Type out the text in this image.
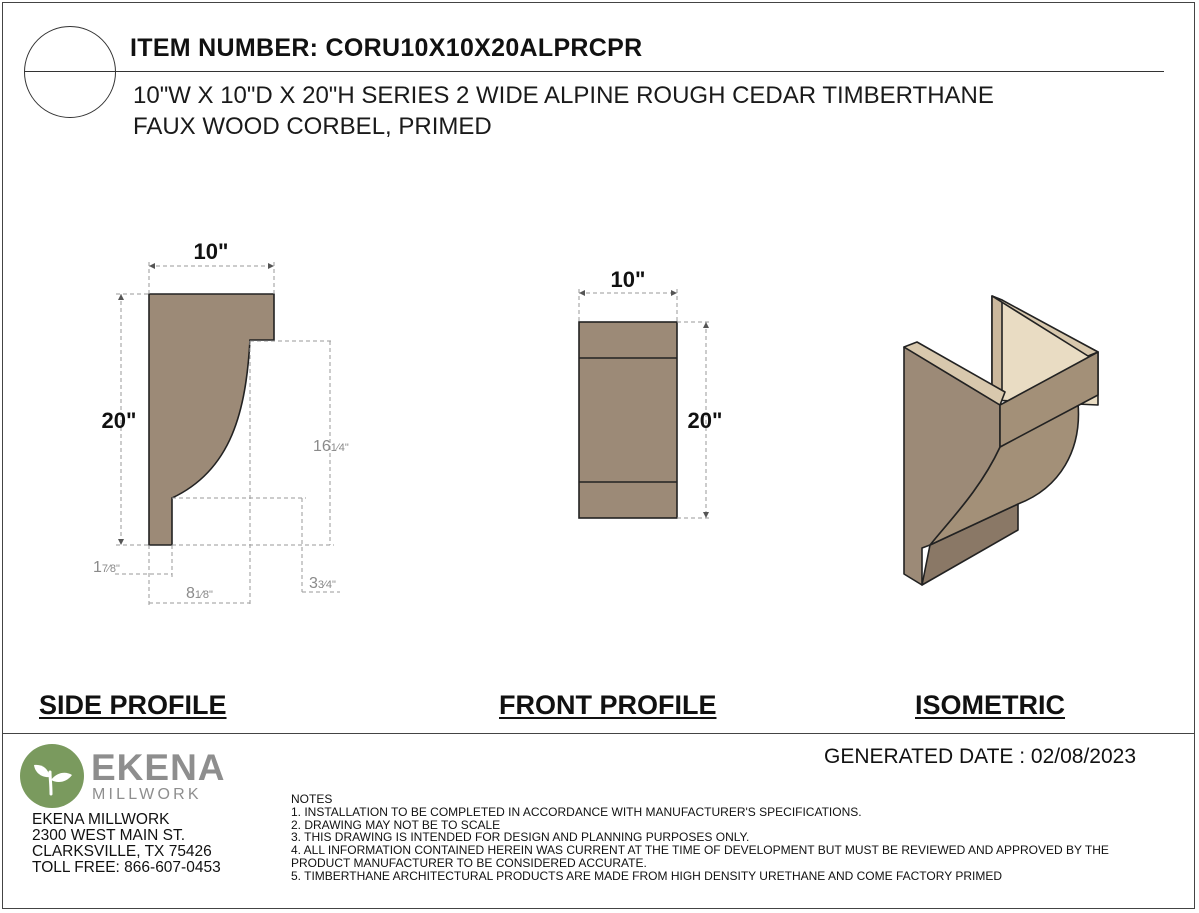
ITEM NUMBER: CORU10X10X20ALPRCPR
10"W X 10"D X 20"H SERIES 2 WIDE ALPINE ROUGH CEDAR TIMBERTHANE
FAUX WOOD CORBEL, PRIMED
10"
20"
161⁄4"
17⁄8"
81⁄8"
33⁄4"
10"
20"
SIDE PROFILE	FRONT PROFILE	ISOMETRIC
GENERATED DATE : 02/08/2023
EKENA
MILLWORK
EKENA MILLWORK
2300 WEST MAIN ST.
CLARKSVILLE, TX 75426
TOLL FREE: 866-607-0453
NOTES
1. INSTALLATION TO BE COMPLETED IN ACCORDANCE WITH MANUFACTURER'S SPECIFICATIONS.
2. DRAWING MAY NOT BE TO SCALE
3. THIS DRAWING IS INTENDED FOR DESIGN AND PLANNING PURPOSES ONLY.
4. ALL INFORMATION CONTAINED HEREIN WAS CURRENT AT THE TIME OF DEVELOPMENT BUT MUST BE REVIEWED AND APPROVED BY THE
PRODUCT MANUFACTURER TO BE CONSIDERED ACCURATE.
5. TIMBERTHANE ARCHITECTURAL PRODUCTS ARE MADE FROM HIGH DENSITY URETHANE AND COME FACTORY PRIMED
